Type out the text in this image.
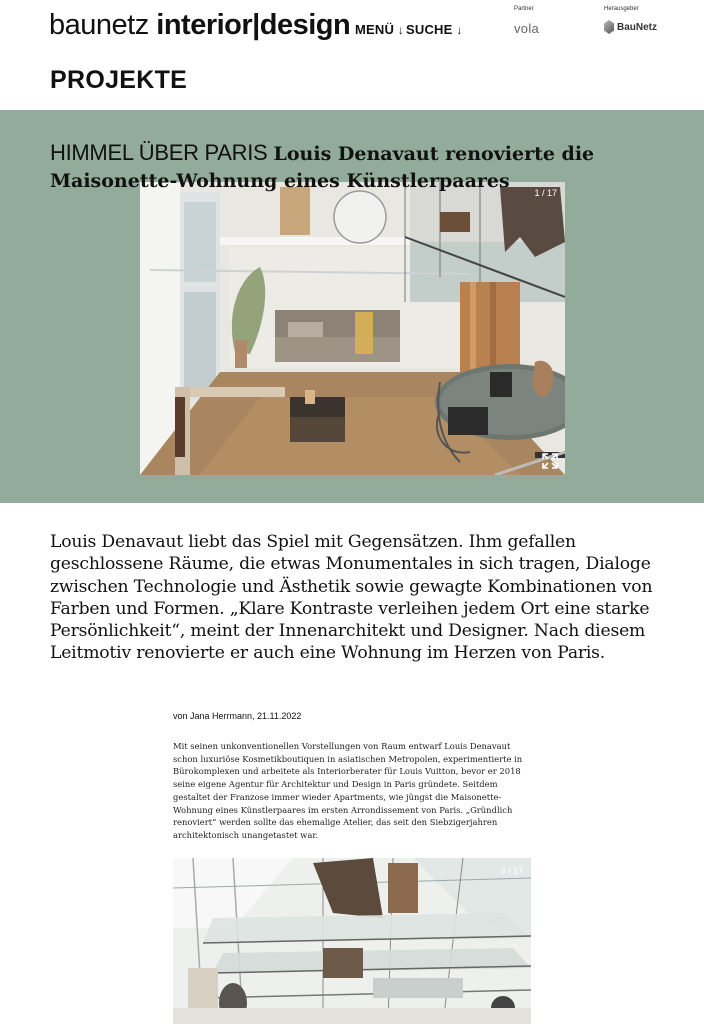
baunetz interior|design MENÜ ↓ SUCHE ↓
Partner
vola
Herausgeber
BauNetz
PROJEKTE
HIMMEL ÜBER PARIS Louis Denavaut renovierte die Maisonette-Wohnung eines Künstlerpaares
1 / 17

Louis Denavaut liebt das Spiel mit Gegensätzen. Ihm gefallen geschlossene Räume, die etwas Monumentales in sich tragen, Dialoge zwischen Technologie und Ästhetik sowie gewagte Kombinationen von Farben und Formen. „Klare Kontraste verleihen jedem Ort eine starke Persönlichkeit“, meint der Innenarchitekt und Designer. Nach diesem Leitmotiv renovierte er auch eine Wohnung im Herzen von Paris.

von Jana Herrmann, 21.11.2022

Mit seinen unkonventionellen Vorstellungen von Raum entwarf Louis Denavaut schon luxuriöse Kosmetikboutiquen in asiatischen Metropolen, experimentierte in Bürokomplexen und arbeitete als Interiorberater für Louis Vuitton, bevor er 2018 seine eigene Agentur für Architektur und Design in Paris gründete. Seitdem gestaltet der Franzose immer wieder Apartments, wie jüngst die Maisonette-Wohnung eines Künstlerpaares im ersten Arrondissement von Paris. „Gründlich renoviert“ werden sollte das ehemalige Atelier, das seit den Siebzigerjahren architektonisch unangetastet war.

3 / 17
